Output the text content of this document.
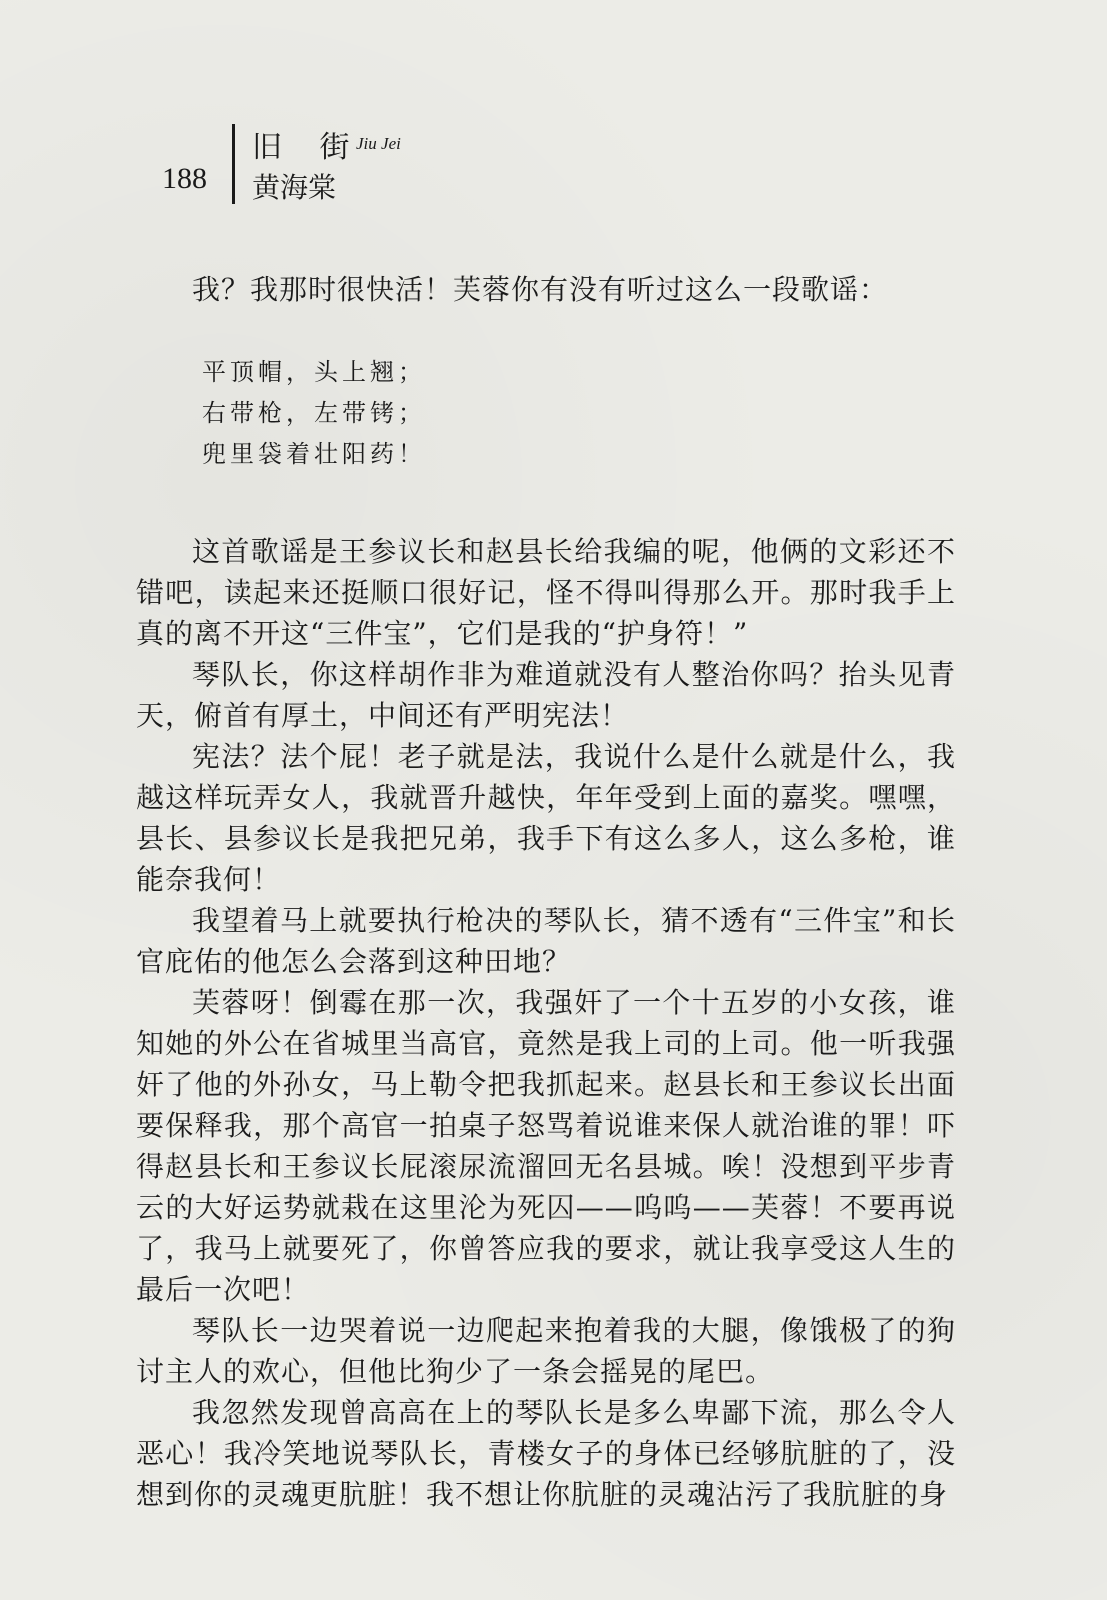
188
旧 街
Jiu Jei
黄海棠

我？我那时很快活！芙蓉你有没有听过这么一段歌谣：

平顶帽，头上翘；
右带枪，左带铐；
兜里袋着壮阳药！

这首歌谣是王参议长和赵县长给我编的呢，他俩的文彩还不错吧，读起来还挺顺口很好记，怪不得叫得那么开。那时我手上真的离不开这“三件宝”，它们是我的“护身符！”

琴队长，你这样胡作非为难道就没有人整治你吗？抬头见青天，俯首有厚土，中间还有严明宪法！

宪法？法个屁！老子就是法，我说什么是什么就是什么，我越这样玩弄女人，我就晋升越快，年年受到上面的嘉奖。嘿嘿，县长、县参议长是我把兄弟，我手下有这么多人，这么多枪，谁能奈我何！

我望着马上就要执行枪决的琴队长，猜不透有“三件宝”和长官庇佑的他怎么会落到这种田地？

芙蓉呀！倒霉在那一次，我强奸了一个十五岁的小女孩，谁知她的外公在省城里当高官，竟然是我上司的上司。他一听我强奸了他的外孙女，马上勒令把我抓起来。赵县长和王参议长出面要保释我，那个高官一拍桌子怒骂着说谁来保人就治谁的罪！吓得赵县长和王参议长屁滚尿流溜回无名县城。唉！没想到平步青云的大好运势就栽在这里沦为死囚——呜呜——芙蓉！不要再说了，我马上就要死了，你曾答应我的要求，就让我享受这人生的最后一次吧！

琴队长一边哭着说一边爬起来抱着我的大腿，像饿极了的狗讨主人的欢心，但他比狗少了一条会摇晃的尾巴。

我忽然发现曾高高在上的琴队长是多么卑鄙下流，那么令人恶心！我冷笑地说琴队长，青楼女子的身体已经够肮脏的了，没想到你的灵魂更肮脏！我不想让你肮脏的灵魂沾污了我肮脏的身
